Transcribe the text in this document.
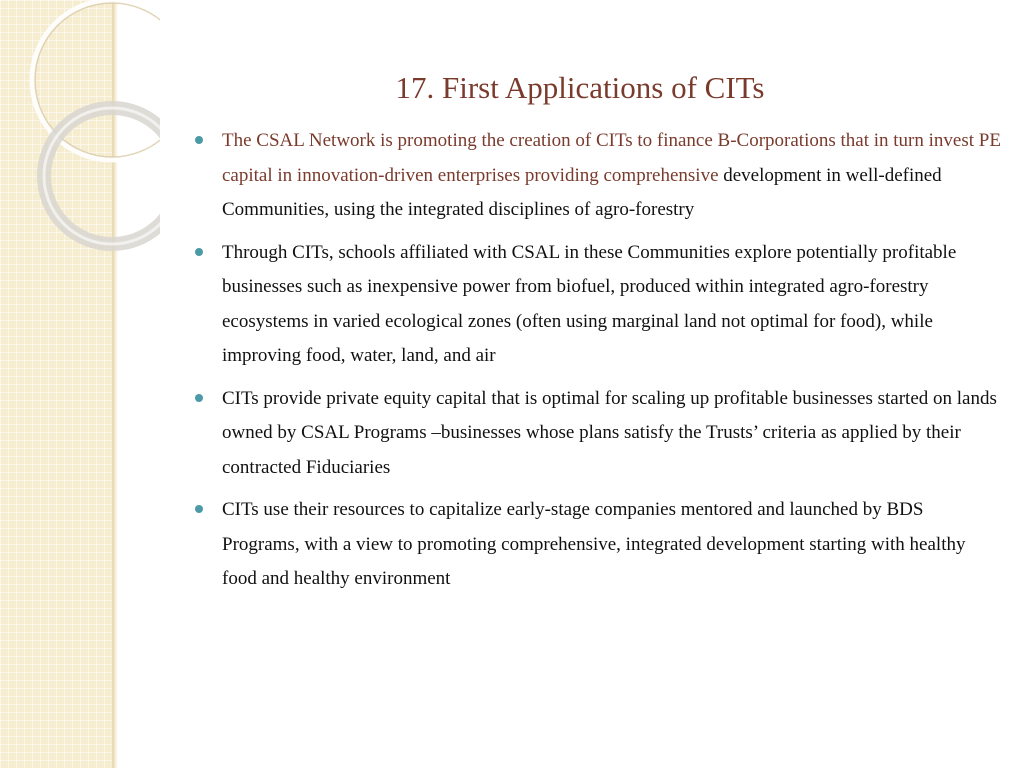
17. First Applications of CITs
The CSAL Network is promoting the creation of CITs to finance B-Corporations that in turn invest PE capital in innovation-driven enterprises providing comprehensive development in well-defined Communities, using the integrated disciplines of agro-forestry
Through CITs, schools affiliated with CSAL in these Communities explore potentially profitable businesses such as inexpensive power from biofuel, produced within integrated agro-forestry ecosystems in varied ecological zones (often using marginal land not optimal for food), while improving food, water, land, and air
CITs provide private equity capital that is optimal for scaling up profitable businesses started on lands owned by CSAL Programs –businesses whose plans satisfy the Trusts’ criteria as applied by their contracted Fiduciaries
CITs use their resources to capitalize early-stage companies mentored and launched by BDS Programs, with a view to promoting comprehensive, integrated development starting with healthy food and healthy environment
